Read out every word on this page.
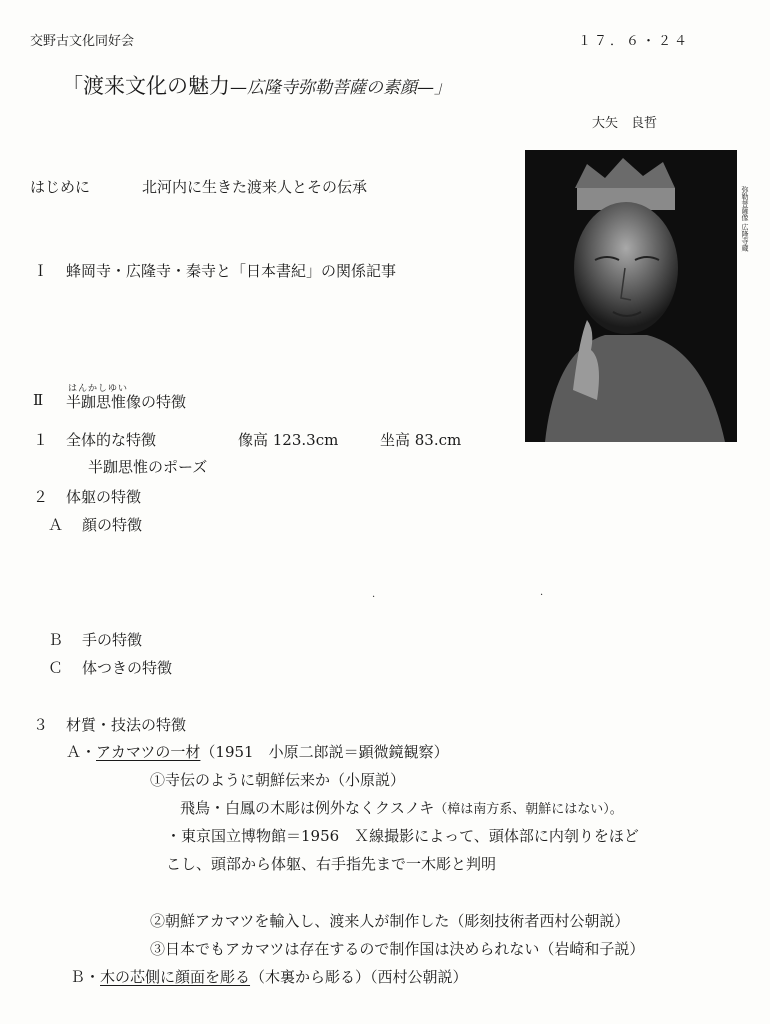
交野古文化同好会	１７．６・２４
「渡来文化の魅力—広隆寺弥勒菩薩の素顔—」
大矢　良哲
弥勒菩薩像 広隆寺蔵
はじめに	北河内に生きた渡来人とその伝承
Ｉ 蜂岡寺・広隆寺・秦寺と「日本書紀」の関係記事
はんかしゆい
Ⅱ 半跏思惟像の特徴
１ 全体的な特徴	像高 123.3cm	坐高 83.cm
半跏思惟のポーズ
２ 体躯の特徴
Ａ 顔の特徴
·	·
Ｂ 手の特徴
Ｃ 体つきの特徴
３ 材質・技法の特徴
Ａ・アカマツの一材（1951　小原二郎説＝顕微鏡観察）
①寺伝のように朝鮮伝来か（小原説）
飛鳥・白鳳の木彫は例外なくクスノキ（樟は南方系、朝鮮にはない）。
・東京国立博物館＝1956　Ｘ線撮影によって、頭体部に内刳りをほど
こし、頭部から体躯、右手指先まで一木彫と判明
②朝鮮アカマツを輸入し、渡来人が制作した（彫刻技術者西村公朝説）
③日本でもアカマツは存在するので制作国は決められない（岩崎和子説）
Ｂ・木の芯側に顔面を彫る（木裏から彫る）（西村公朝説）
